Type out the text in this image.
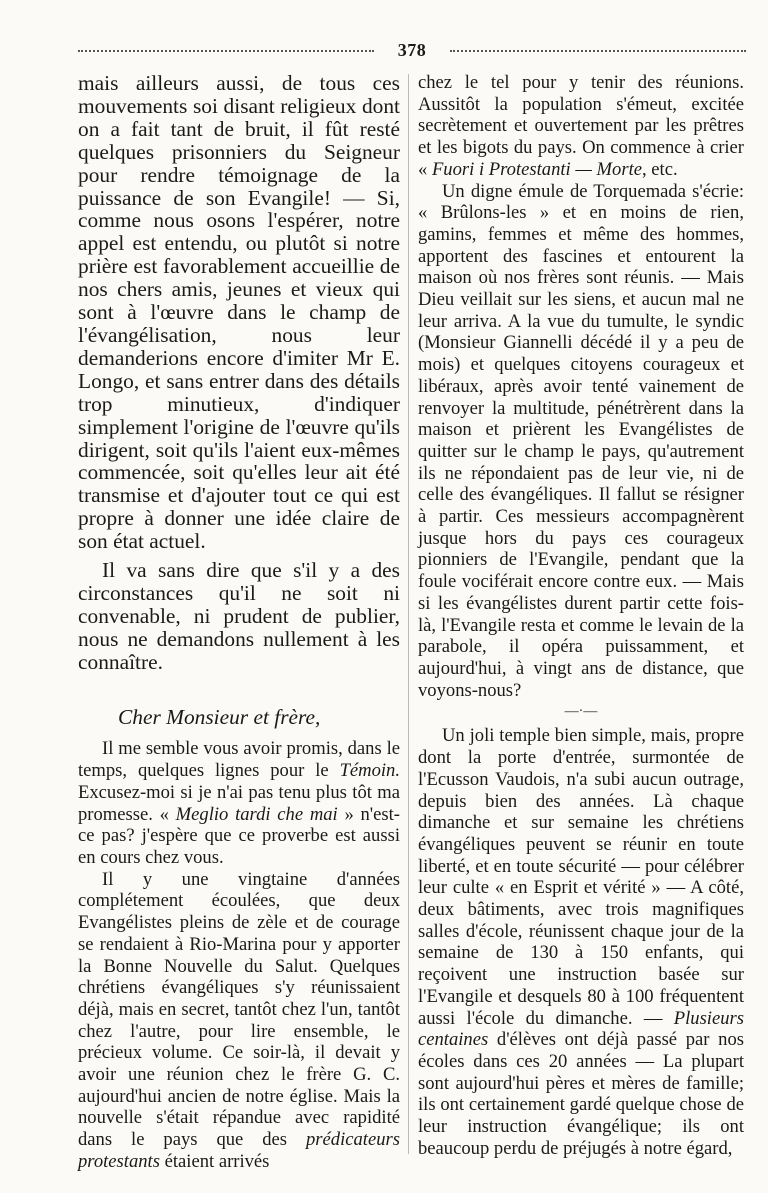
378

mais ailleurs aussi, de tous ces mouvements soi disant religieux dont on a fait tant de bruit, il fût resté quelques prisonniers du Seigneur pour rendre témoignage de la puissance de son Evangile! — Si, comme nous osons l'espérer, notre appel est entendu, ou plutôt si notre prière est favorablement accueillie de nos chers amis, jeunes et vieux qui sont à l'œuvre dans le champ de l'évangélisation, nous leur demanderions encore d'imiter Mr E. Longo, et sans entrer dans des détails trop minutieux, d'indiquer simplement l'origine de l'œuvre qu'ils dirigent, soit qu'ils l'aient eux-mêmes commencée, soit qu'elles leur ait été transmise et d'ajouter tout ce qui est propre à donner une idée claire de son état actuel.

Il va sans dire que s'il y a des circonstances qu'il ne soit ni convenable, ni prudent de publier, nous ne demandons nullement à les connaître.

Cher Monsieur et frère,

Il me semble vous avoir promis, dans le temps, quelques lignes pour le Témoin. Excusez-moi si je n'ai pas tenu plus tôt ma promesse. « Meglio tardi che mai » n'est-ce pas? j'espère que ce proverbe est aussi en cours chez vous.

Il y une vingtaine d'années complétement écoulées, que deux Evangélistes pleins de zèle et de courage se rendaient à Rio-Marina pour y apporter la Bonne Nouvelle du Salut. Quelques chrétiens évangéliques s'y réunissaient déjà, mais en secret, tantôt chez l'un, tantôt chez l'autre, pour lire ensemble, le précieux volume. Ce soir-là, il devait y avoir une réunion chez le frère G. C. aujourd'hui ancien de notre église. Mais la nouvelle s'était répandue avec rapidité dans le pays que des prédicateurs protestants étaient arrivés

chez le tel pour y tenir des réunions. Aussitôt la population s'émeut, excitée secrètement et ouvertement par les prêtres et les bigots du pays. On commence à crier « Fuori i Protestanti — Morte, etc.

Un digne émule de Torquemada s'écrie: « Brûlons-les » et en moins de rien, gamins, femmes et même des hommes, apportent des fascines et entourent la maison où nos frères sont réunis. — Mais Dieu veillait sur les siens, et aucun mal ne leur arriva. A la vue du tumulte, le syndic (Monsieur Giannelli décédé il y a peu de mois) et quelques citoyens courageux et libéraux, après avoir tenté vainement de renvoyer la multitude, pénétrèrent dans la maison et prièrent les Evangélistes de quitter sur le champ le pays, qu'autrement ils ne répondaient pas de leur vie, ni de celle des évangéliques. Il fallut se résigner à partir. Ces messieurs accompagnèrent jusque hors du pays ces courageux pionniers de l'Evangile, pendant que la foule vociférait encore contre eux. — Mais si les évangélistes durent partir cette fois-là, l'Evangile resta et comme le levain de la parabole, il opéra puissamment, et aujourd'hui, à vingt ans de distance, que voyons-nous?

—·—

Un joli temple bien simple, mais, propre dont la porte d'entrée, surmontée de l'Ecusson Vaudois, n'a subi aucun outrage, depuis bien des années. Là chaque dimanche et sur semaine les chrétiens évangéliques peuvent se réunir en toute liberté, et en toute sécurité — pour célébrer leur culte « en Esprit et vérité » — A côté, deux bâtiments, avec trois magnifiques salles d'école, réunissent chaque jour de la semaine de 130 à 150 enfants, qui reçoivent une instruction basée sur l'Evangile et desquels 80 à 100 fréquentent aussi l'école du dimanche. — Plusieurs centaines d'élèves ont déjà passé par nos écoles dans ces 20 années — La plupart sont aujourd'hui pères et mères de famille; ils ont certainement gardé quelque chose de leur instruction évangélique; ils ont beaucoup perdu de préjugés à notre égard,
